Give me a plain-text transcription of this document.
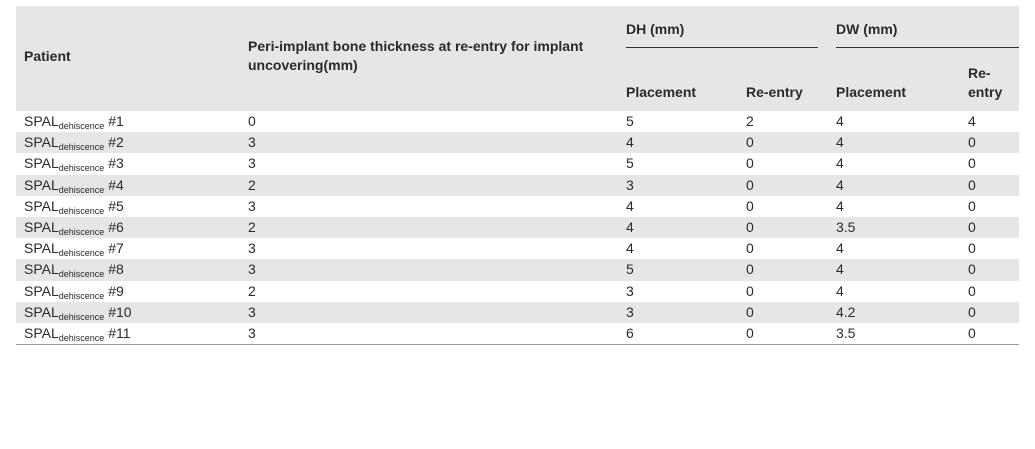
Patient	Peri-implant bone thickness at re-entry for implant uncovering(mm)	DH (mm)		DW (mm)	

		Placement	Re-entry	Placement	Re-
entry
$SPAL_{dehiscence}$ #1	0	5	2	4	4
$SPAL_{dehiscence}$ #2	3	4	0	4	0
$SPAL_{dehiscence}$ #3	3	5	0	4	0
$SPAL_{dehiscence}$ #4	2	3	0	4	0
$SPAL_{dehiscence}$ #5	3	4	0	4	0
$SPAL_{dehiscence}$ #6	2	4	0	3.5	0
$SPAL_{dehiscence}$ #7	3	4	0	4	0
$SPAL_{dehiscence}$ #8	3	5	0	4	0
$SPAL_{dehiscence}$ #9	2	3	0	4	0
$SPAL_{dehiscence}$ #10	3	3	0	4.2	0
$SPAL_{dehiscence}$ #11	3	6	0	3.5	0
